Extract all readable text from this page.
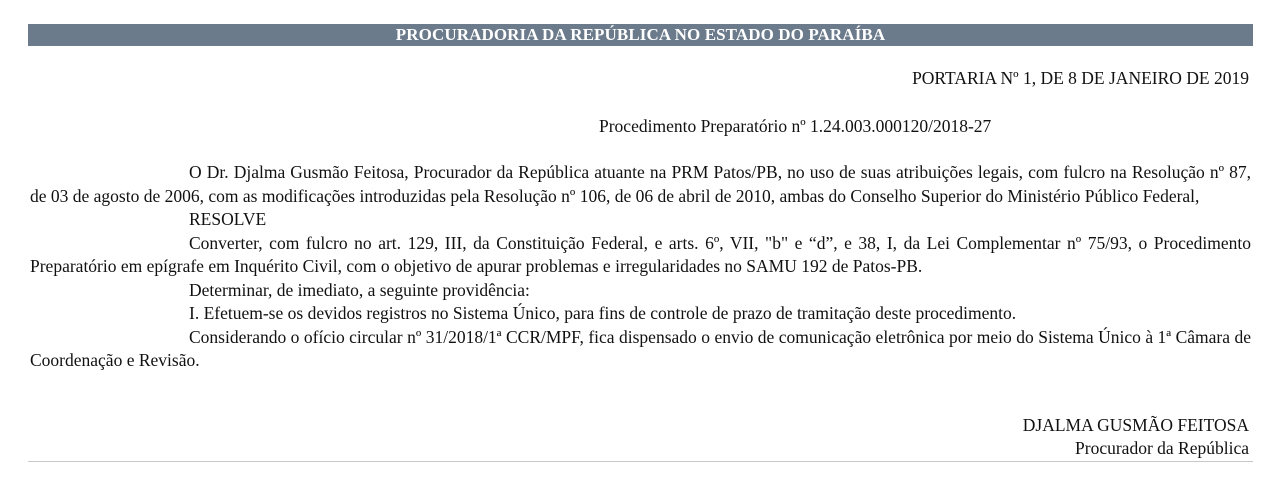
PROCURADORIA DA REPÚBLICA NO ESTADO DO PARAÍBA
PORTARIA Nº 1, DE 8 DE JANEIRO DE 2019
Procedimento Preparatório nº 1.24.003.000120/2018-27

O Dr. Djalma Gusmão Feitosa, Procurador da República atuante na PRM Patos/PB, no uso de suas atribuições legais, com fulcro na Resolução nº 87, de 03 de agosto de 2006, com as modificações introduzidas pela Resolução nº 106, de 06 de abril de 2010, ambas do Conselho Superior do Ministério Público Federal,

RESOLVE

Converter, com fulcro no art. 129, III, da Constituição Federal, e arts. 6º, VII, "b" e “d”, e 38, I, da Lei Complementar nº 75/93, o Procedimento Preparatório em epígrafe em Inquérito Civil, com o objetivo de apurar problemas e irregularidades no SAMU 192 de Patos-PB.

Determinar, de imediato, a seguinte providência:

I. Efetuem-se os devidos registros no Sistema Único, para fins de controle de prazo de tramitação deste procedimento.

Considerando o ofício circular nº 31/2018/1ª CCR/MPF, fica dispensado o envio de comunicação eletrônica por meio do Sistema Único à 1ª Câmara de Coordenação e Revisão.

DJALMA GUSMÃO FEITOSA
Procurador da República
